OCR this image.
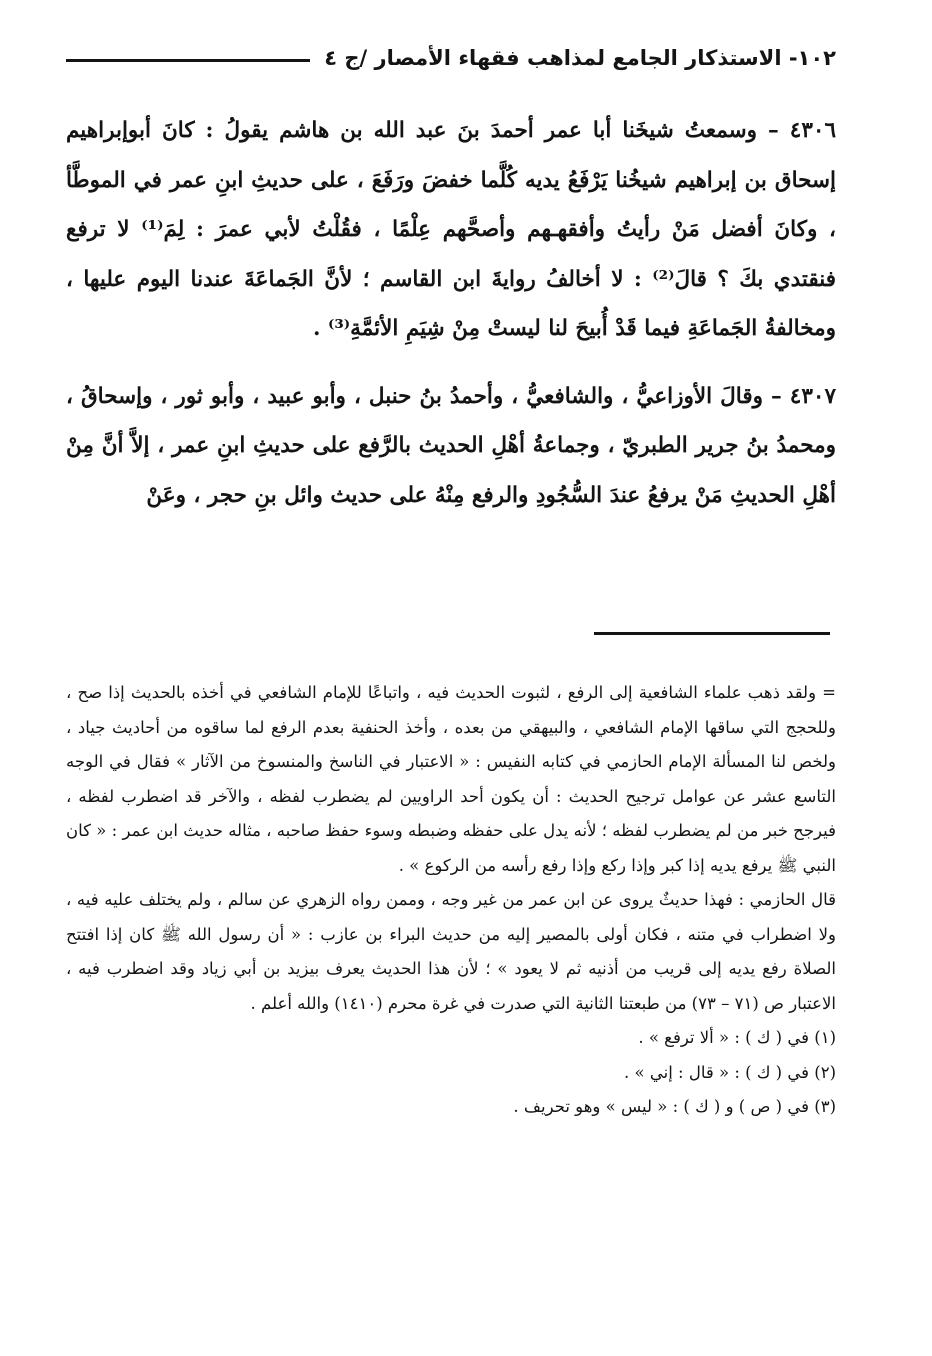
١٠٢- الاستذكار الجامع لمذاهب فقهاء الأمصار /ج ٤

٤٣٠٦ – وسمعتُ شيخَنا أبا عمر أحمدَ بنَ عبد الله بن هاشم يقولُ : كانَ أبوإبراهيم إسحاق بن إبراهيم شيخُنا يَرْفَعُ يديه كُلَّما خفضَ ورَفَعَ ، على حديثِ ابنِ عمر في الموطَّأ ، وكانَ أفضل مَنْ رأيتُ وأفقهـهم وأصحَّهم عِلْمًا ، فقُلْتُ لأبي عمرَ : لِمَ⁽¹⁾ لا ترفع فنقتدي بكَ ؟ قالَ⁽²⁾ : لا أخالفُ روايةَ ابن القاسم ؛ لأنَّ الجَماعَةَ عندنا اليوم عليها ، ومخالفةُ الجَماعَةِ فيما قَدْ أُبيحَ لنا ليستْ مِنْ شِيَمِ الأئمَّةِ⁽³⁾ .

٤٣٠٧ – وقالَ الأوزاعيُّ ، والشافعيُّ ، وأحمدُ بنُ حنبل ، وأبو عبيد ، وأبو ثور ، وإسحاقُ ، ومحمدُ بنُ جرير الطبريّ ، وجماعةُ أهْلِ الحديث بالرَّفع على حديثِ ابنِ عمر ، إلاَّ أنَّ مِنْ أهْلِ الحديثِ مَنْ يرفعُ عندَ السُّجُودِ والرفع مِنْهُ على حديث وائل بنِ حجر ، وعَنْ

= ولقد ذهب علماء الشافعية إلى الرفع ، لثبوت الحديث فيه ، واتباعًا للإمام الشافعي في أخذه بالحديث إذا صح ، وللحجج التي ساقها الإمام الشافعي ، والبيهقي من بعده ، وأخذ الحنفية بعدم الرفع لما ساقوه من أحاديث جياد ، ولخص لنا المسألة الإمام الحازمي في كتابه النفيس : « الاعتبار في الناسخ والمنسوخ من الآثار » فقال في الوجه التاسع عشر عن عوامل ترجيح الحديث : أن يكون أحد الراويين لم يضطرب لفظه ، والآخر قد اضطرب لفظه ، فيرجح خبر من لم يضطرب لفظه ؛ لأنه يدل على حفظه وضبطه وسوء حفظ صاحبه ، مثاله حديث ابن عمر : « كان النبي ﷺ يرفع يديه إذا كبر وإذا ركع وإذا رفع رأسه من الركوع » .

قال الحازمي : فهذا حديثٌ يروى عن ابن عمر من غير وجه ، وممن رواه الزهري عن سالم ، ولم يختلف عليه فيه ، ولا اضطراب في متنه ، فكان أولى بالمصير إليه من حديث البراء بن عازب : « أن رسول الله ﷺ كان إذا افتتح الصلاة رفع يديه إلى قريب من أذنيه ثم لا يعود » ؛ لأن هذا الحديث يعرف بيزيد بن أبي زياد وقد اضطرب فيه ، الاعتبار ص (٧١ – ٧٣) من طبعتنا الثانية التي صدرت في غرة محرم (١٤١٠) والله أعلم .

(١) في ( ك ) : « ألا ترفع » .
(٢) في ( ك ) : « قال : إني » .
(٣) في ( ص ) و ( ك ) : « ليس » وهو تحريف .
